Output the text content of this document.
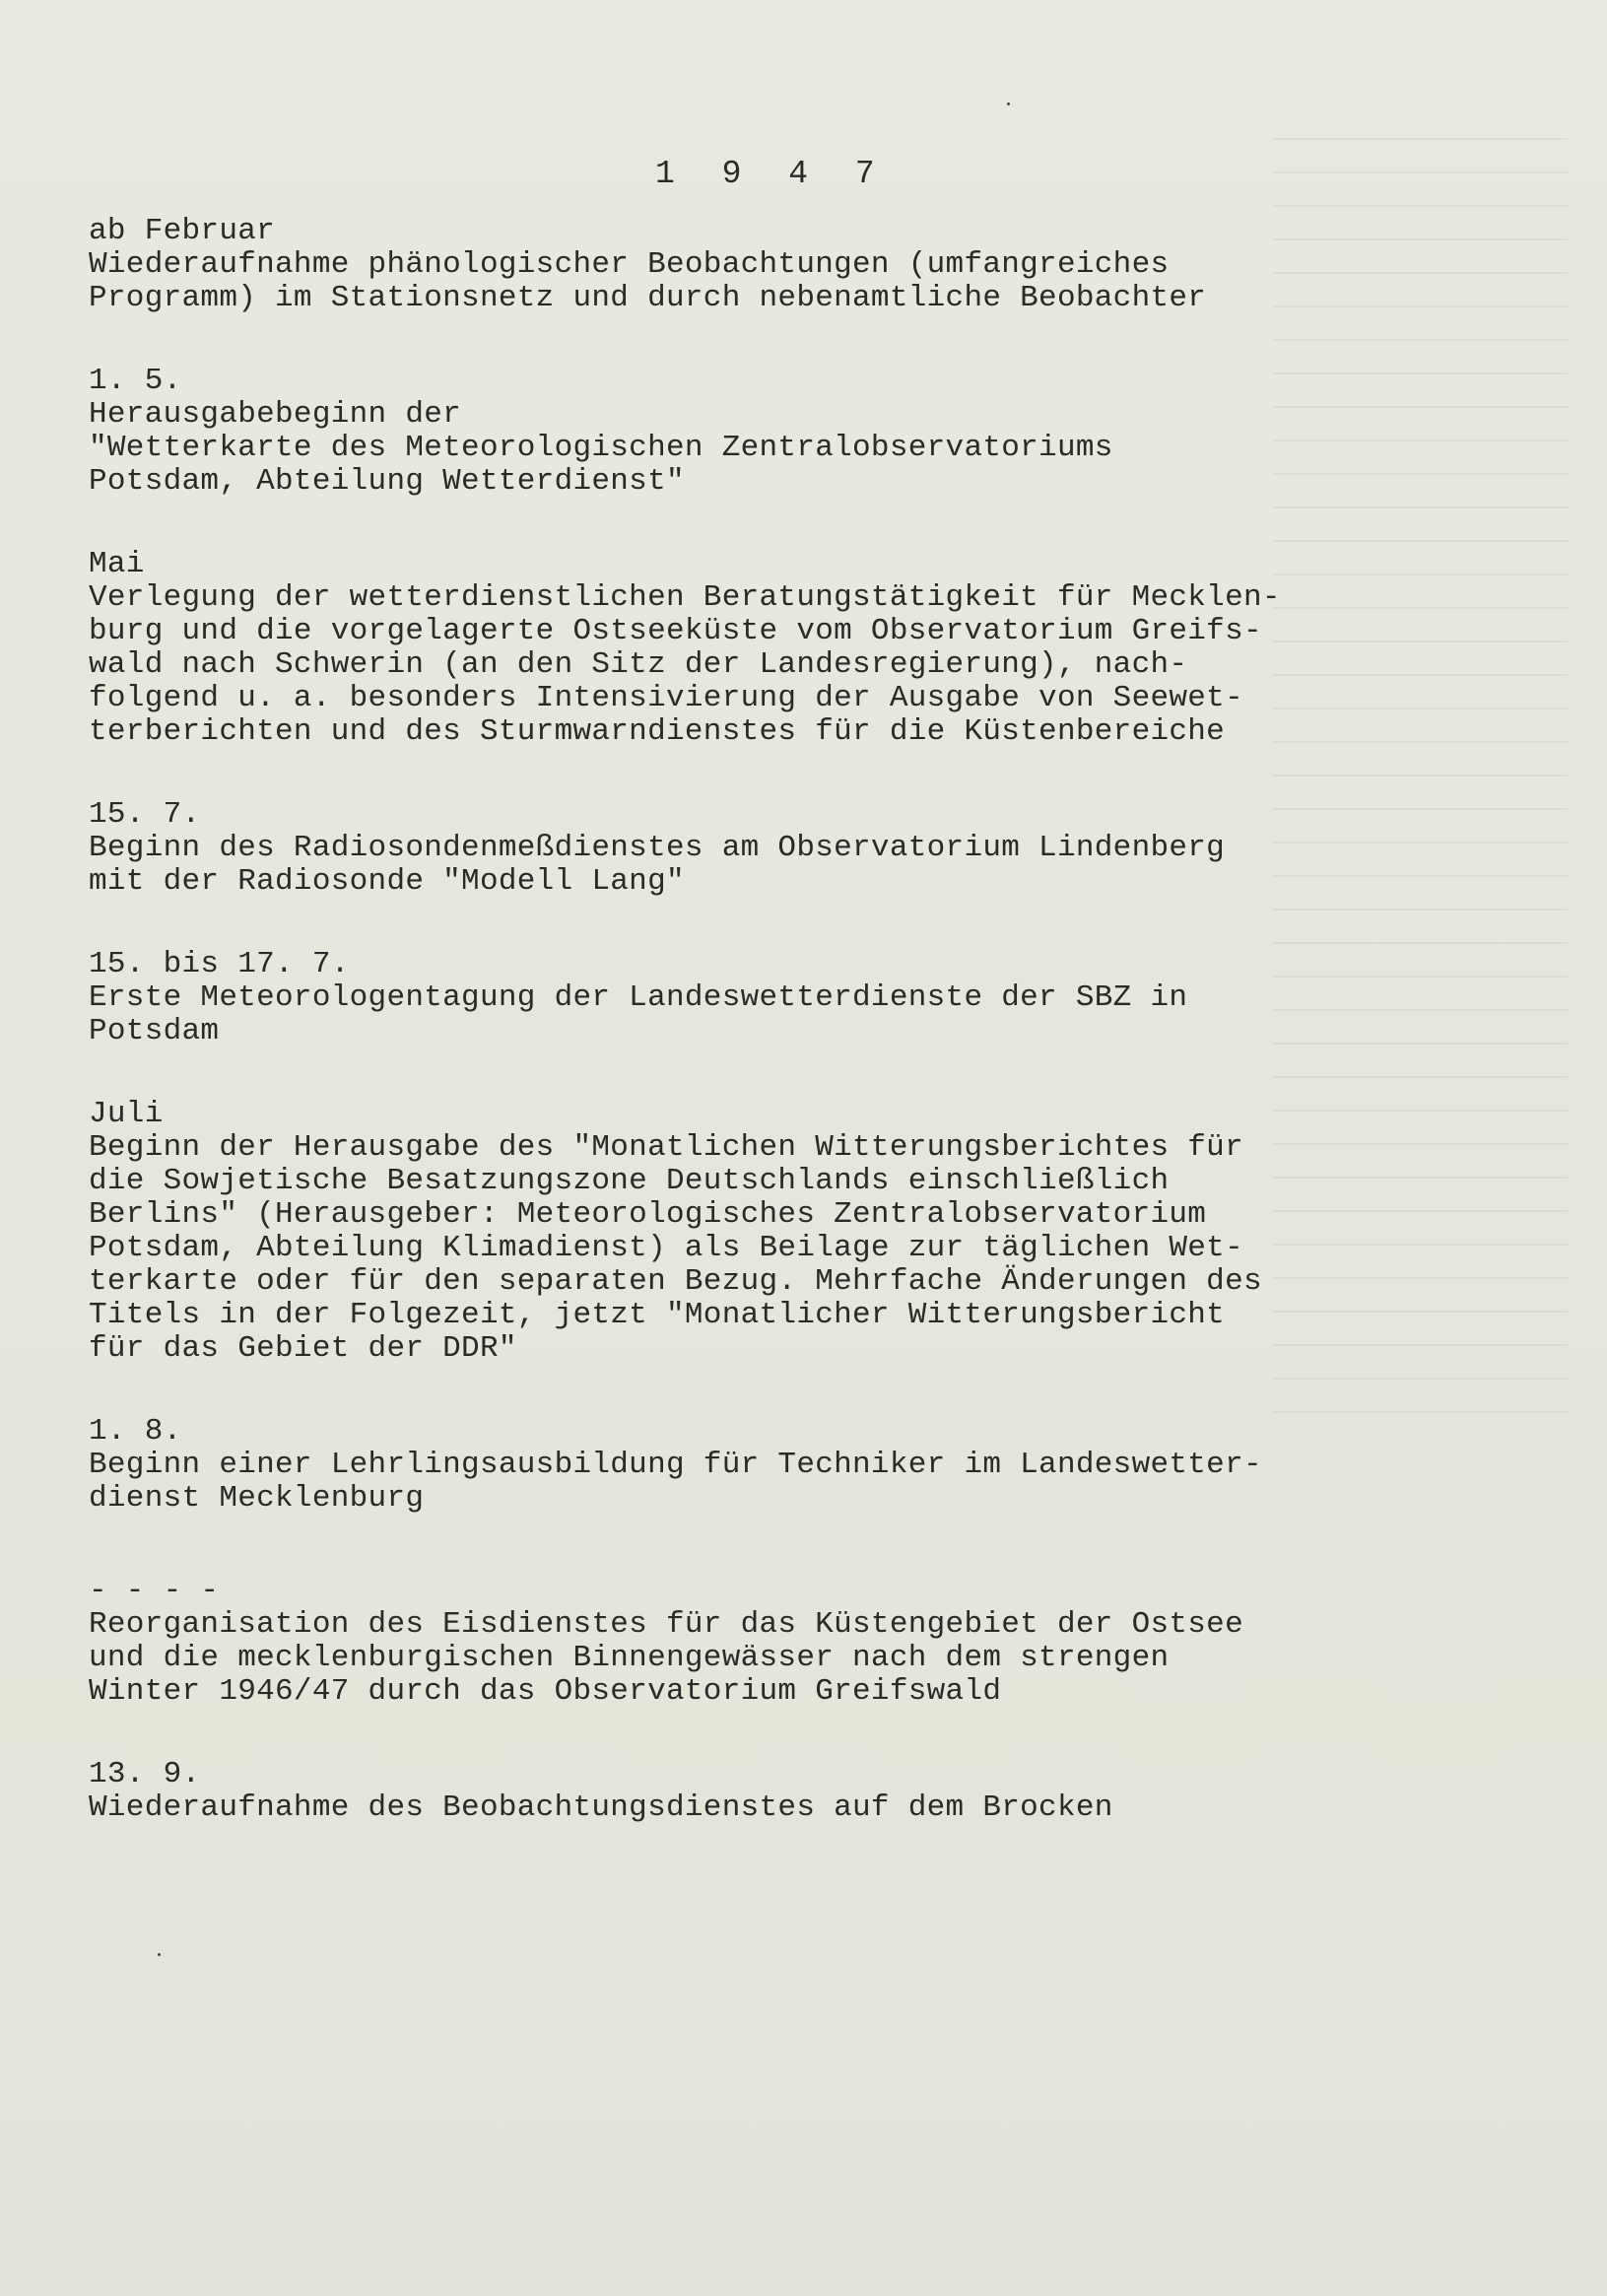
1 9 4 7
ab Februar
Wiederaufnahme phänologischer Beobachtungen (umfangreiches
Programm) im Stationsnetz und durch nebenamtliche Beobachter
1. 5.
Herausgabebeginn der
"Wetterkarte des Meteorologischen Zentralobservatoriums
Potsdam, Abteilung Wetterdienst"
Mai
Verlegung der wetterdienstlichen Beratungstätigkeit für Mecklen-
burg und die vorgelagerte Ostseeküste vom Observatorium Greifs-
wald nach Schwerin (an den Sitz der Landesregierung), nach-
folgend u. a. besonders Intensivierung der Ausgabe von Seewet-
terberichten und des Sturmwarndienstes für die Küstenbereiche
15. 7.
Beginn des Radiosondenmeßdienstes am Observatorium Lindenberg
mit der Radiosonde "Modell Lang"
15. bis 17. 7.
Erste Meteorologentagung der Landeswetterdienste der SBZ in
Potsdam
Juli
Beginn der Herausgabe des "Monatlichen Witterungsberichtes für
die Sowjetische Besatzungszone Deutschlands einschließlich
Berlins" (Herausgeber: Meteorologisches Zentralobservatorium
Potsdam, Abteilung Klimadienst) als Beilage zur täglichen Wet-
terkarte oder für den separaten Bezug. Mehrfache Änderungen des
Titels in der Folgezeit, jetzt "Monatlicher Witterungsbericht
für das Gebiet der DDR"
1. 8.
Beginn einer Lehrlingsausbildung für Techniker im Landeswetter-
dienst Mecklenburg
- - - -
Reorganisation des Eisdienstes für das Küstengebiet der Ostsee
und die mecklenburgischen Binnengewässer nach dem strengen
Winter 1946/47 durch das Observatorium Greifswald
13. 9.
Wiederaufnahme des Beobachtungsdienstes auf dem Brocken
